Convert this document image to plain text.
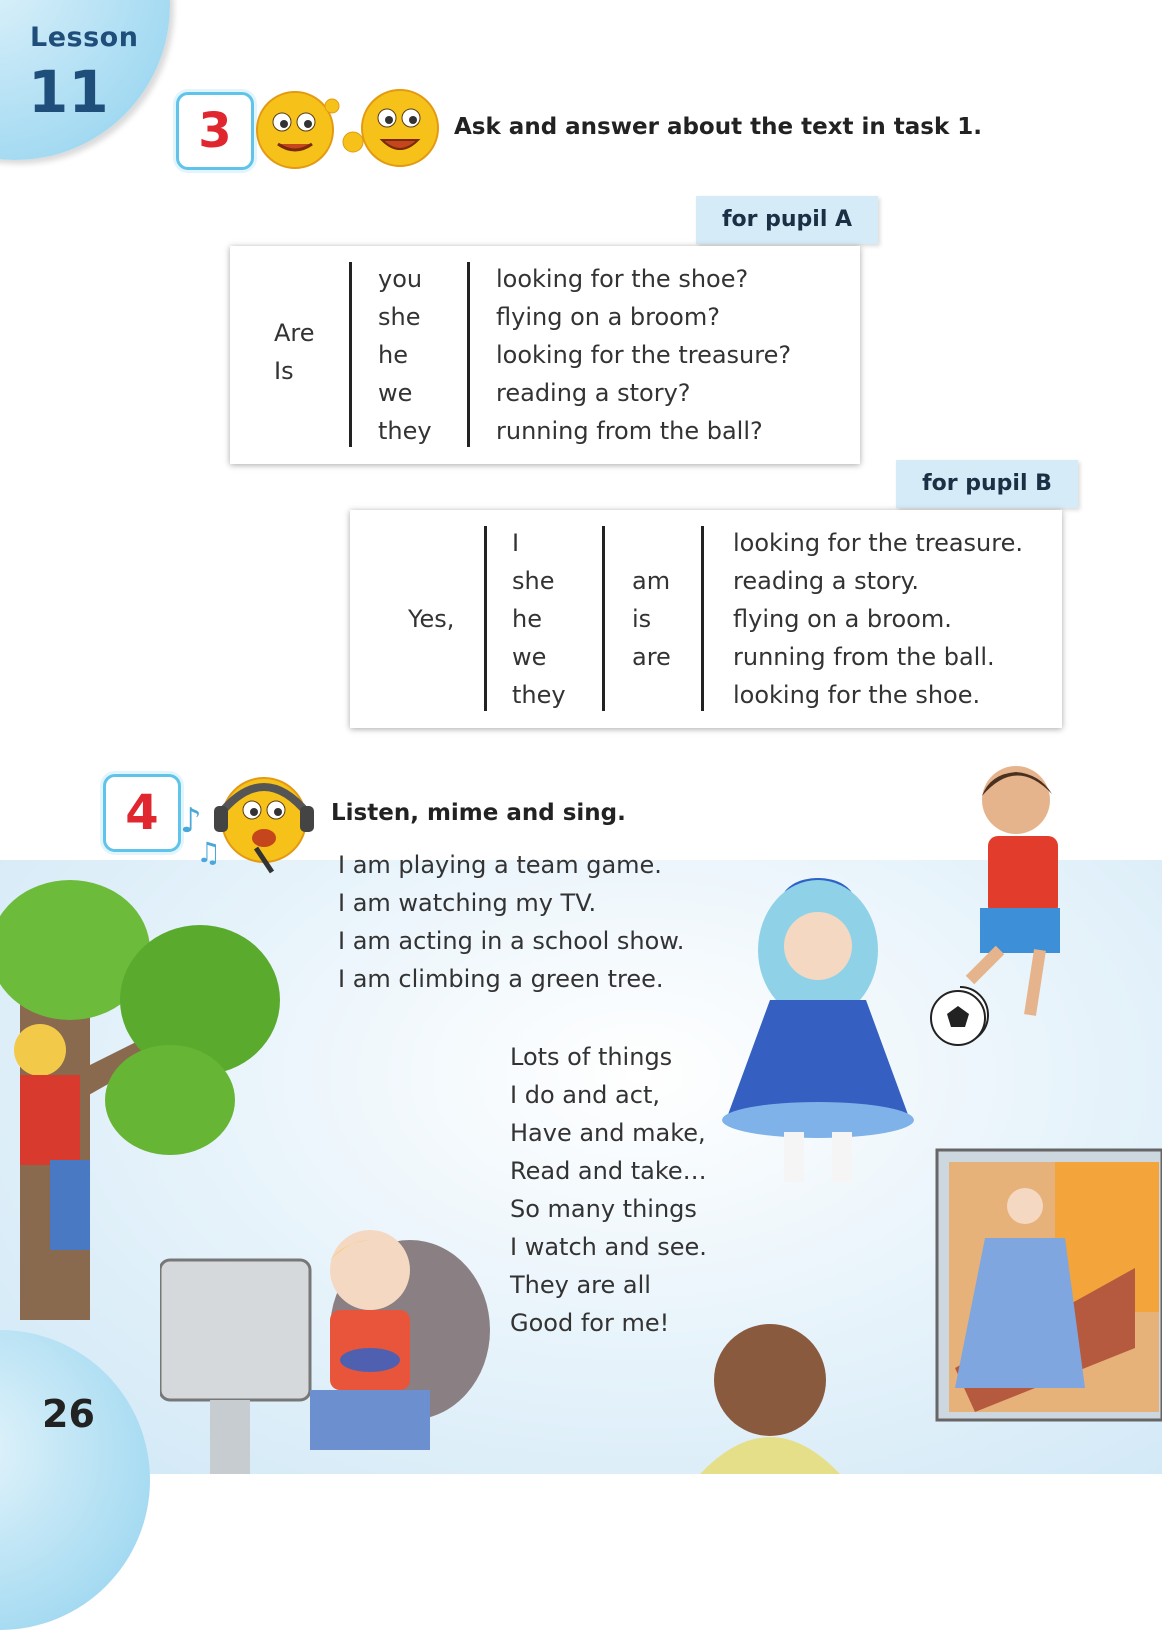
Lesson
11
3	Ask and answer about the text in task 1.
for pupil A
Are
Is
you
she
he
we
they
looking for the shoe?
flying on a broom?
looking for the treasure?
reading a story?
running from the ball?
for pupil B
Yes,
I
she
he
we
they
am
is
are
looking for the treasure.
reading a story.
flying on a broom.
running from the ball.
looking for the shoe.
4 ♪
♫
Listen, mime and sing.
I am playing a team game.
I am watching my TV.
I am acting in a school show.
I am climbing a green tree.
Lots of things
I do and act,
Have and make,
Read and take…
So many things
I watch and see.
They are all
Good for me!
26
